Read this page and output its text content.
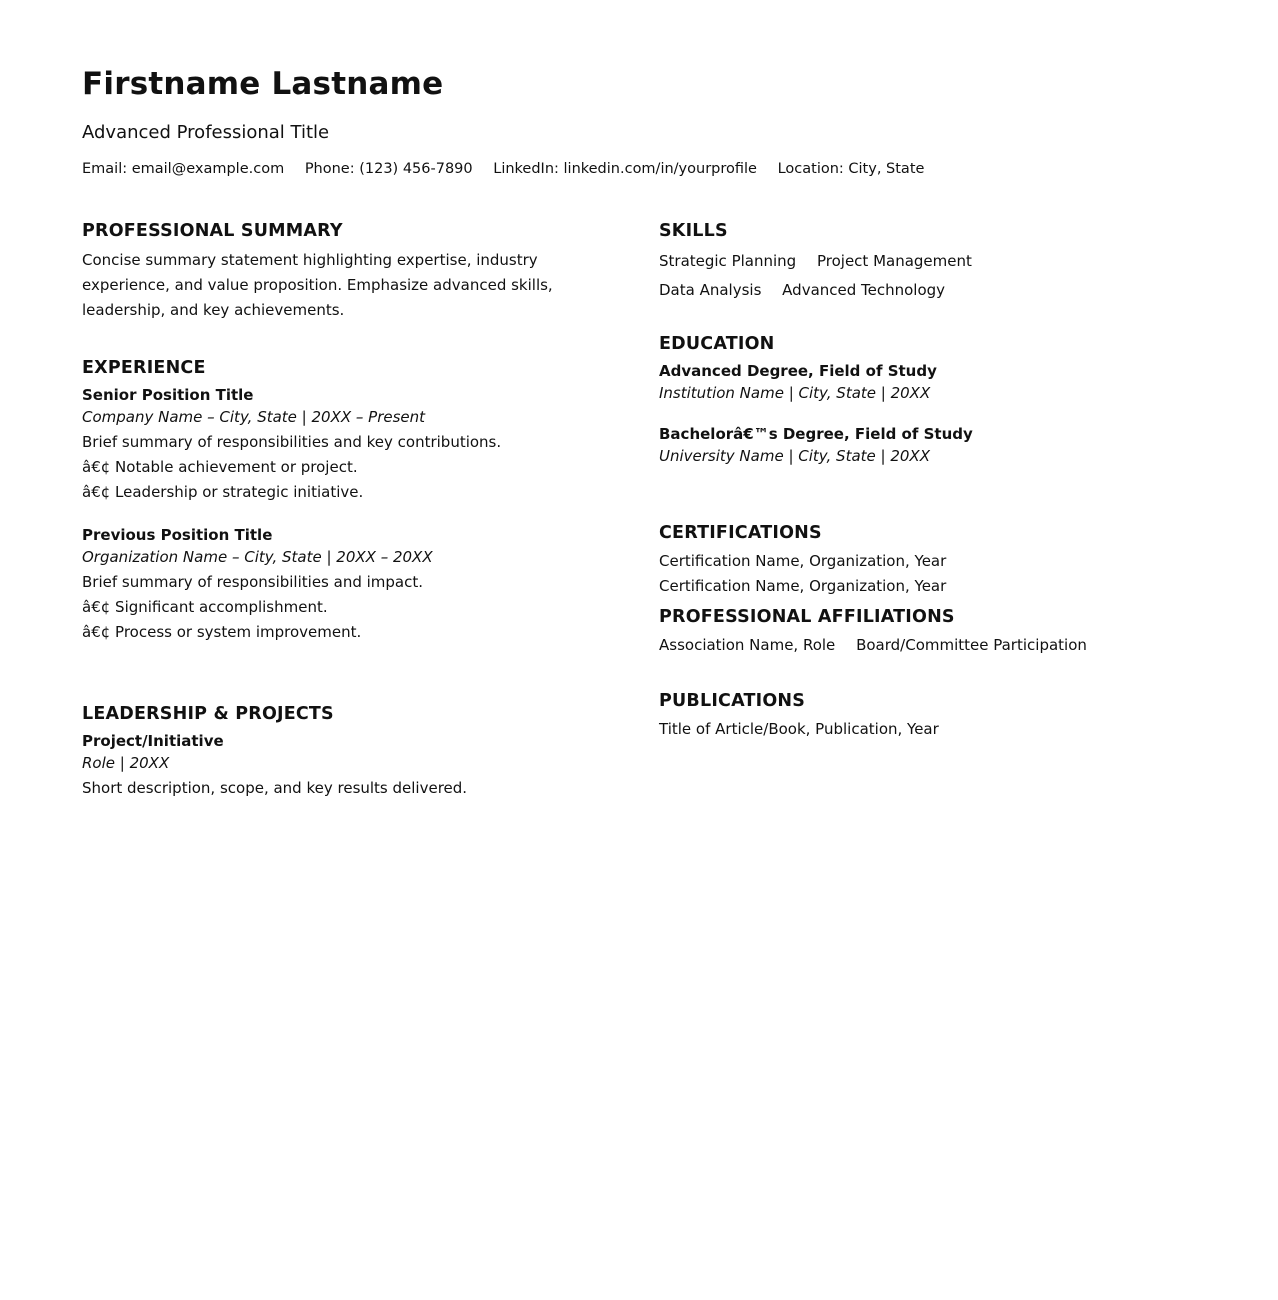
Firstname Lastname
Advanced Professional Title
Email: email@example.com Phone: (123) 456-7890 LinkedIn: linkedin.com/in/yourprofile Location: City, State
PROFESSIONAL SUMMARY

Concise summary statement highlighting expertise, industry experience, and value proposition. Emphasize advanced skills, leadership, and key achievements.

EXPERIENCE
Senior Position Title
Company Name – City, State | 20XX – Present
Brief summary of responsibilities and key contributions.
â€¢ Notable achievement or project.
â€¢ Leadership or strategic initiative.
Previous Position Title
Organization Name – City, State | 20XX – 20XX
Brief summary of responsibilities and impact.
â€¢ Significant accomplishment.
â€¢ Process or system improvement.
LEADERSHIP & PROJECTS
Project/Initiative
Role | 20XX
Short description, scope, and key results delivered.
SKILLS
Strategic Planning Project Management Data Analysis Advanced Technology
EDUCATION
Advanced Degree, Field of Study
Institution Name | City, State | 20XX
Bachelorâ€™s Degree, Field of Study
University Name | City, State | 20XX
CERTIFICATIONS
Certification Name, Organization, Year Certification Name, Organization, Year
PROFESSIONAL AFFILIATIONS
Association Name, Role Board/Committee Participation
PUBLICATIONS
Title of Article/Book, Publication, Year
